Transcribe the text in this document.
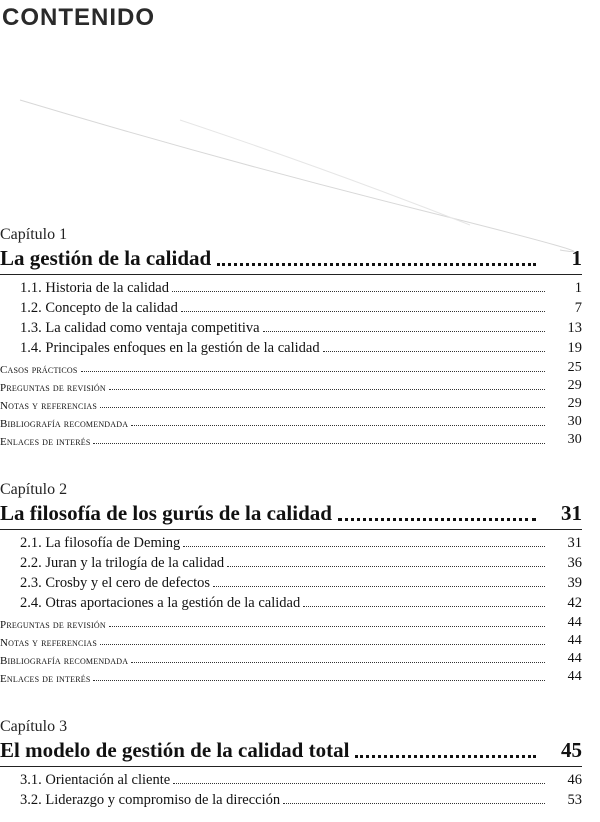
CONTENIDO
Capítulo 1
La gestión de la calidad	1
1.1. Historia de la calidad	1
1.2. Concepto de la calidad	7
1.3. La calidad como ventaja competitiva	13
1.4. Principales enfoques en la gestión de la calidad	19
Casos prácticos	25
Preguntas de revisión	29
Notas y referencias	29
Bibliografía recomendada	30
Enlaces de interés	30
Capítulo 2
La filosofía de los gurús de la calidad	31
2.1. La filosofía de Deming	31
2.2. Juran y la trilogía de la calidad	36
2.3. Crosby y el cero de defectos	39
2.4. Otras aportaciones a la gestión de la calidad	42
Preguntas de revisión	44
Notas y referencias	44
Bibliografía recomendada	44
Enlaces de interés	44
Capítulo 3
El modelo de gestión de la calidad total	45
3.1. Orientación al cliente	46
3.2. Liderazgo y compromiso de la dirección	53
